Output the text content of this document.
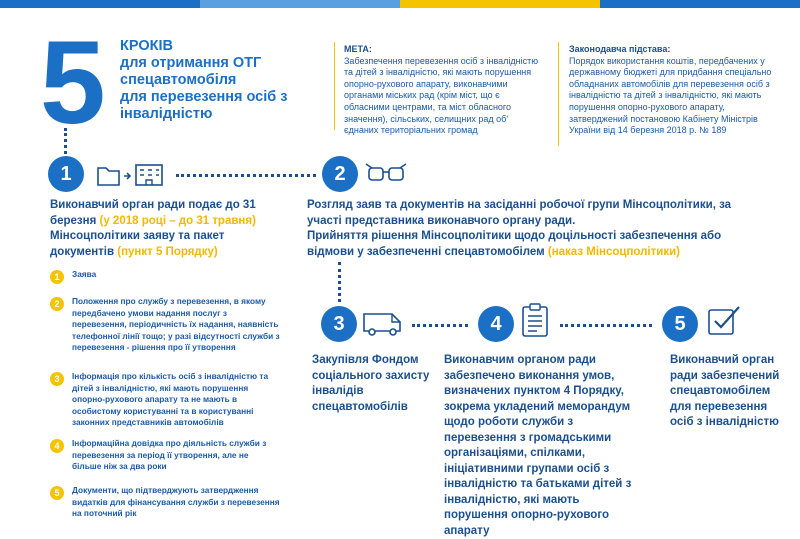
5 КРОКІВ
для отримання ОТГ
спецавтомобіля
для перевезення осіб з
інвалідністю
МЕТА:
Забезпечення перевезення осіб з інвалідністю та дітей з інвалідністю, які мають порушення опорно-рухового апарату, виконавчими органами міських рад (крім міст, що є обласними центрами, та міст обласного значення), сільських, селищних рад об' єднаних територіальних громад
Законодавча підстава:
Порядок використання коштів, передбачених у державному бюджеті для придбання спеціально обладнаних автомобілів для перевезення осіб з інвалідністю та дітей з інвалідністю, які мають порушення опорно-рухового апарату, затверджений постановою Кабінету Міністрів України від 14 березня 2018 р. № 189
1	2
Виконавчий орган ради подає до 31 березня (у 2018 році – до 31 травня) Мінсоцполітики заяву та пакет документів (пункт 5 Порядку)
Розгляд заяв та документів на засіданні робочої групи Мінсоцполітики, за участі представника виконавчого органу ради.
Прийняття рішення Мінсоцполітики щодо доцільності забезпечення або відмови у забезпеченні спецавтомобілем (наказ Мінсоцполітики)
1	Заява
2	Положення про службу з перевезення, в якому передбачено умови надання послуг з перевезення, періодичність їх надання, наявність телефонної лінії тощо; у разі відсутності служби з перевезення - рішення про її утворення
3	Інформація про кількість осіб з інвалідністю та дітей з інвалідністю, які мають порушення опорно-рухового апарату та не мають в особистому користуванні та в користуванні законних представників автомобілів
4	Інформаційна довідка про діяльність служби з перевезення за період її утворення, але не більше ніж за два роки
5	Документи, що підтверджують затвердження видатків для фінансування служби з перевезення на поточний рік
3	4	5
Закупівля Фондом соціального захисту інвалідів спецавтомобілів
Виконавчим органом ради забезпечено виконання умов, визначених пунктом 4 Порядку, зокрема укладений меморандум щодо роботи служби з перевезення з громадськими організаціями, спілками, ініціативними групами осіб з інвалідністю та батьками дітей з інвалідністю, які мають порушення опорно-рухового апарату
Виконавчий орган ради забезпечений спецавтомобілем для перевезення осіб з інвалідністю
